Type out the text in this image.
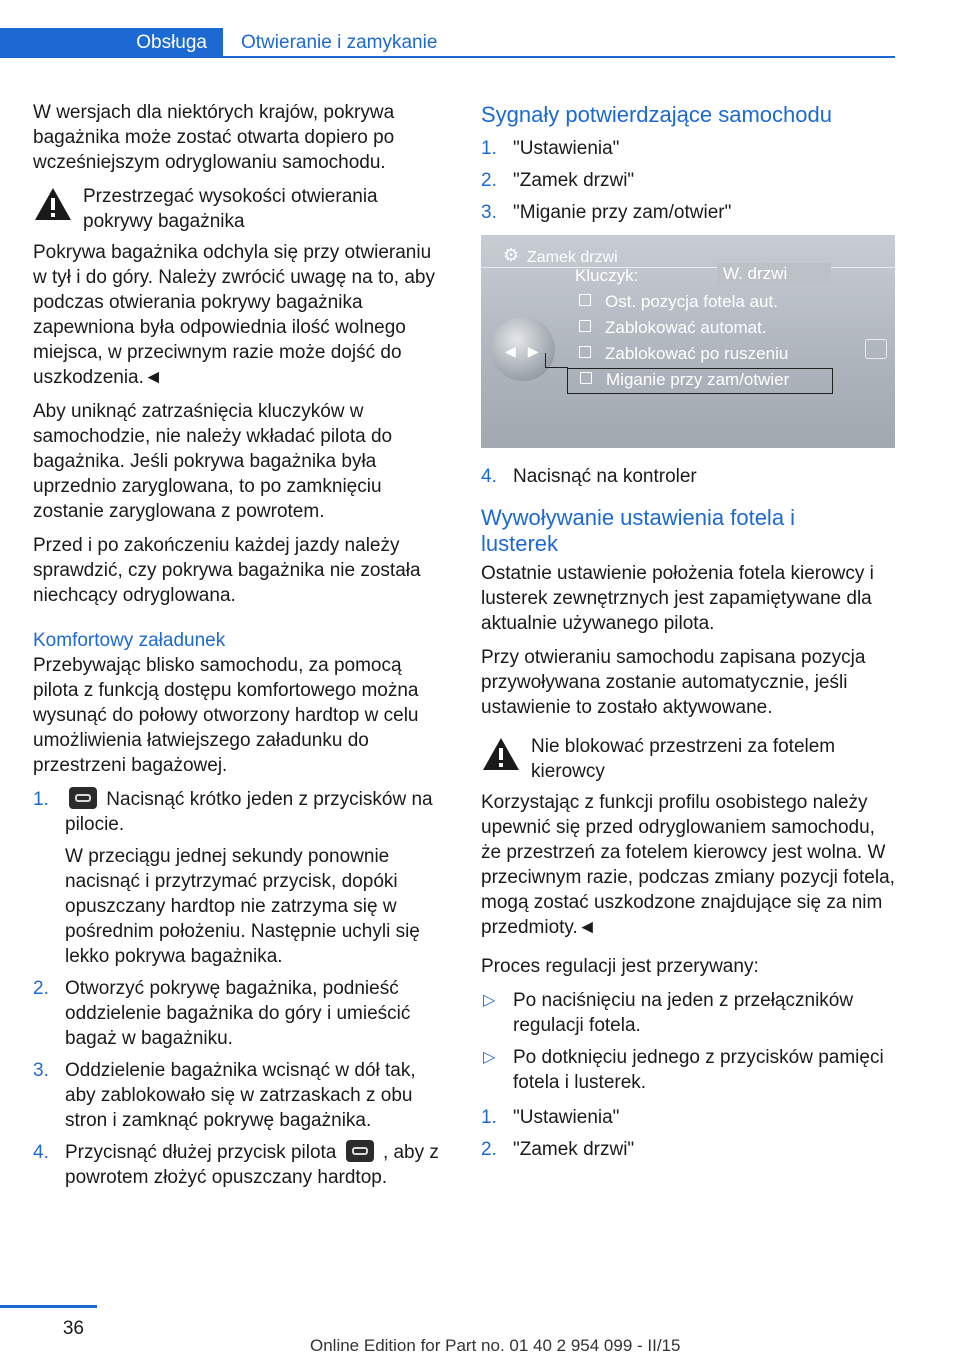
Obsługa	Otwieranie i zamykanie

W wersjach dla niektórych krajów, pokrywa bagażnika może zostać otwarta dopiero po wcześniejszym odryglowaniu samochodu.

Przestrzegać wysokości otwierania pokrywy bagażnika

Pokrywa bagażnika odchyla się przy otwieraniu w tył i do góry. Należy zwrócić uwagę na to, aby podczas otwierania pokrywy bagażnika zapewniona była odpowiednia ilość wolnego miejsca, w przeciwnym razie może dojść do uszkodzenia.◄

Aby uniknąć zatrzaśnięcia kluczyków w samochodzie, nie należy wkładać pilota do bagażnika. Jeśli pokrywa bagażnika była uprzednio zaryglowana, to po zamknięciu zostanie zaryglowana z powrotem.

Przed i po zakończeniu każdej jazdy należy sprawdzić, czy pokrywa bagażnika nie została niechcący odryglowana.

Komfortowy załadunek

Przebywając blisko samochodu, za pomocą pilota z funkcją dostępu komfortowego można wysunąć do połowy otworzony hardtop w celu umożliwienia łatwiejszego załadunku do przestrzeni bagażowej.

1.	Nacisnąć krótko jeden z przycisków na pilocie.
W przeciągu jednej sekundy ponownie nacisnąć i przytrzymać przycisk, dopóki opuszczany hardtop nie zatrzyma się w pośrednim położeniu. Następnie uchyli się lekko pokrywa bagażnika.
2. Otworzyć pokrywę bagażnika, podnieść oddzielenie bagażnika do góry i umieścić bagaż w bagażniku.
3. Oddzielenie bagażnika wcisnąć w dół tak, aby zablokowało się w zatrzaskach z obu stron i zamknąć pokrywę bagażnika.
4. Przycisnąć dłużej przycisk pilota , aby z powrotem złożyć opuszczany hardtop.
Sygnały potwierdzające samochodu
1. "Ustawienia"
2. "Zamek drzwi"
3. "Miganie przy zam/otwier"
⚙ Zamek drzwi
◀▶
Kluczyk:	W. drzwi
Ost. pozycja fotela aut.
Zablokować automat.
Zablokować po ruszeniu
Miganie przy zam/otwier
4. Nacisnąć na kontroler
Wywoływanie ustawienia fotela i lusterek

Ostatnie ustawienie położenia fotela kierowcy i lusterek zewnętrznych jest zapamiętywane dla aktualnie używanego pilota.

Przy otwieraniu samochodu zapisana pozycja przywoływana zostanie automatycznie, jeśli ustawienie to zostało aktywowane.

Nie blokować przestrzeni za fotelem kierowcy

Korzystając z funkcji profilu osobistego należy upewnić się przed odryglowaniem samochodu, że przestrzeń za fotelem kierowcy jest wolna. W przeciwnym razie, podczas zmiany pozycji fotela, mogą zostać uszkodzone znajdujące się za nim przedmioty.◄

Proces regulacji jest przerywany:

▷ Po naciśnięciu na jeden z przełączników regulacji fotela.
▷ Po dotknięciu jednego z przycisków pamięci fotela i lusterek.
1. "Ustawienia"
2. "Zamek drzwi"
36
Online Edition for Part no. 01 40 2 954 099 - II/15
